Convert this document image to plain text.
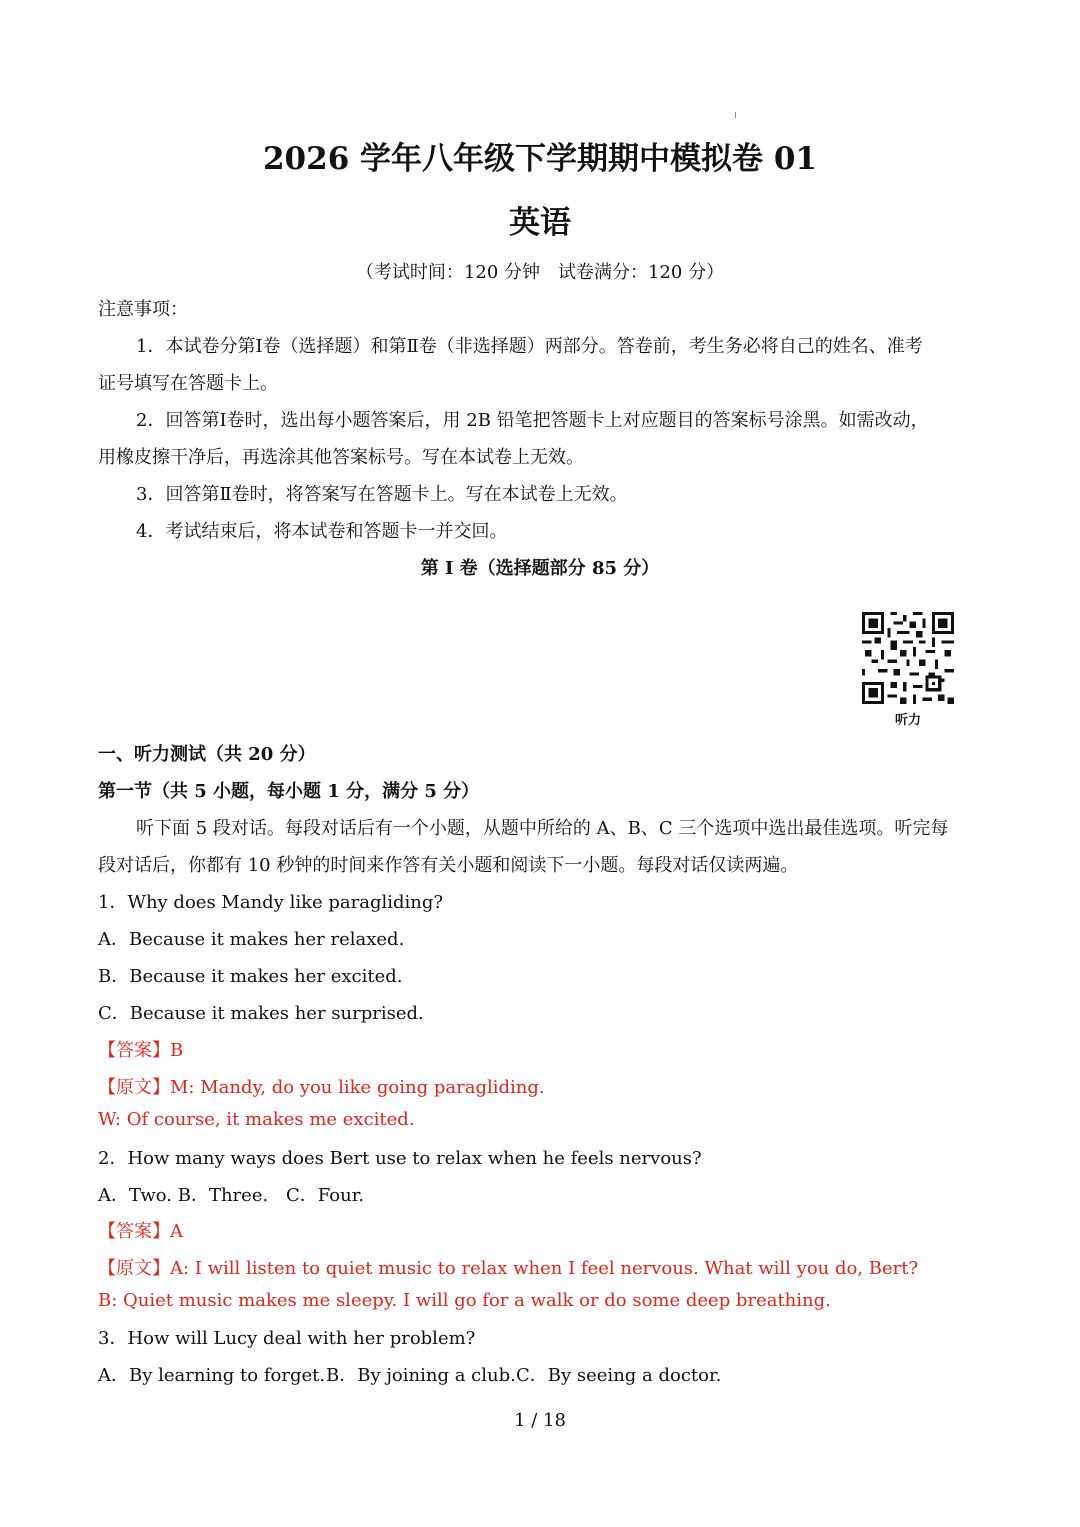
2026 学年八年级下学期期中模拟卷 01
英语
（考试时间：120 分钟　试卷满分：120 分）
注意事项：
1．本试卷分第Ⅰ卷（选择题）和第Ⅱ卷（非选择题）两部分。答卷前，考生务必将自己的姓名、准考
证号填写在答题卡上。
2．回答第Ⅰ卷时，选出每小题答案后，用 2B 铅笔把答题卡上对应题目的答案标号涂黑。如需改动，
用橡皮擦干净后，再选涂其他答案标号。写在本试卷上无效。
3．回答第Ⅱ卷时，将答案写在答题卡上。写在本试卷上无效。
4．考试结束后，将本试卷和答题卡一并交回。
第 I 卷（选择题部分 85 分）
听力
一、听力测试（共 20 分）
第一节（共 5 小题，每小题 1 分，满分 5 分）
听下面 5 段对话。每段对话后有一个小题，从题中所给的 A、B、C 三个选项中选出最佳选项。听完每
段对话后，你都有 10 秒钟的时间来作答有关小题和阅读下一小题。每段对话仅读两遍。
1．Why does Mandy like paragliding?
A．Because it makes her relaxed.
B．Because it makes her excited.
C．Because it makes her surprised.
【答案】B
【原文】M: Mandy, do you like going paragliding.
W: Of course, it makes me excited.
2．How many ways does Bert use to relax when he feels nervous?
A．Two. B．Three. C．Four.
【答案】A
【原文】A: I will listen to quiet music to relax when I feel nervous. What will you do, Bert?
B: Quiet music makes me sleepy. I will go for a walk or do some deep breathing.
3．How will Lucy deal with her problem?
A．By learning to forget. B．By joining a club. C．By seeing a doctor.
1 / 18
